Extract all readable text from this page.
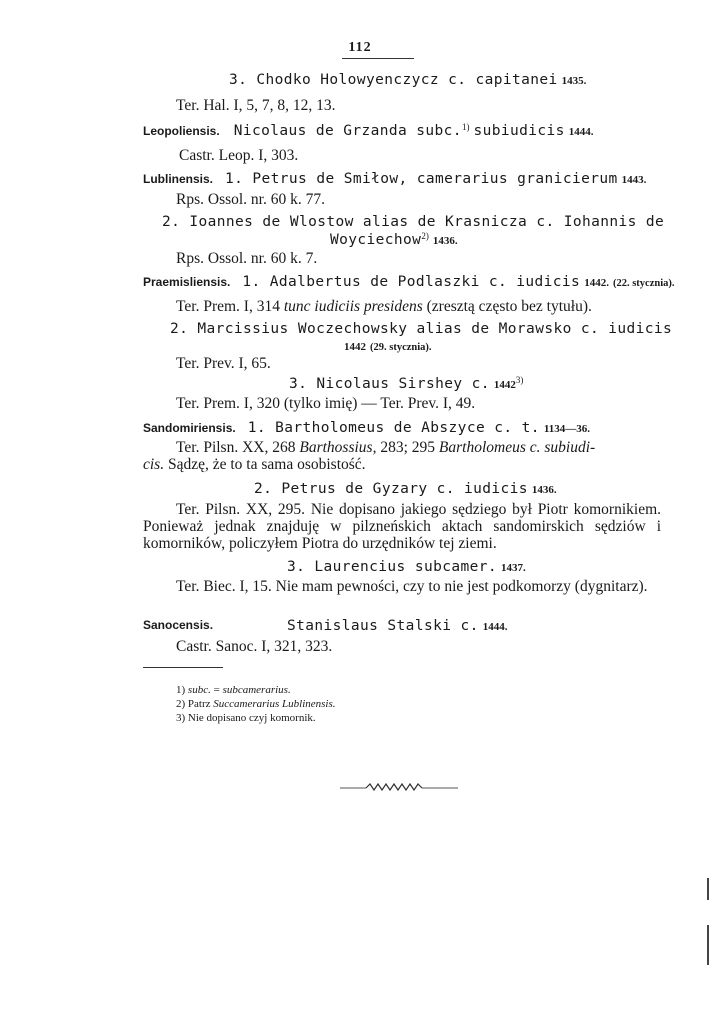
112
3. Chodko Holowyenczycz c. capitanei 1435.
Ter. Hal. I, 5, 7, 8, 12, 13.
Leopoliensis. Nicolaus de Grzanda subc.$^{1)}$ subiudicis 1444.
Castr. Leop. I, 303.
Lublinensis. 1. Petrus de Smiłow, camerarius granicierum 1443.
Rps. Ossol. nr. 60 k. 77.
2. Ioannes de Wlostow alias de Krasnicza c. Iohannis de
Woyciechow$^{2)}$ 1436.
Rps. Ossol. nr. 60 k. 7.
Praemisliensis. 1. Adalbertus de Podlaszki c. iudicis 1442. (22. stycznia).
Ter. Prem. I, 314 tunc iudiciis presidens (zresztą często bez tytułu).
2. Marcissius Woczechowsky alias de Morawsko c. iudicis
1442 (29. stycznia).
Ter. Prev. I, 65.
3. Nicolaus Sirshey c. 1442$^{3)}$
Ter. Prem. I, 320 (tylko imię) — Ter. Prev. I, 49.
Sandomiriensis. 1. Bartholomeus de Abszyce c. t. 1134—36.
Ter. Pilsn. XX, 268 Barthossius, 283; 295 Bartholomeus c. subiudi-
cis. Sądzę, że to ta sama osobistość.
2. Petrus de Gyzary c. iudicis 1436.
Ter. Pilsn. XX, 295. Nie dopisano jakiego sędziego był Piotr komornikiem. Ponieważ jednak znajduję w pilzneńskich aktach sandomirskich sędziów i komorników, policzyłem Piotra do urzędników tej ziemi.
3. Laurencius subcamer. 1437.
Ter. Biec. I, 15. Nie mam pewności, czy to nie jest podkomorzy (dygnitarz).
Sanocensis.	Stanislaus Stalski c. 1444.
Castr. Sanoc. I, 321, 323.
1) subc. = subcamerarius.
2) Patrz Succamerarius Lublinensis.
3) Nie dopisano czyj komornik.
